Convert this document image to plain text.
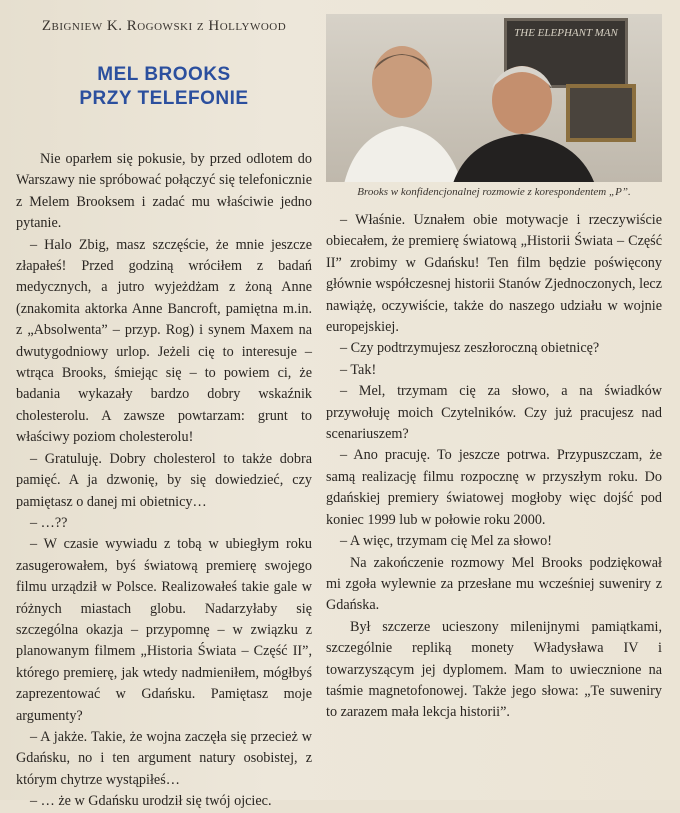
Zbigniew K. Rogowski z Hollywood
MEL BROOKS
PRZY TELEFONIE

Nie oparłem się pokusie, by przed odlotem do Warszawy nie spróbować połączyć się telefonicznie z Melem Brooksem i zadać mu właściwie jedno pytanie.

– Halo Zbig, masz szczęście, że mnie jeszcze złapałeś! Przed godziną wróciłem z badań medycznych, a jutro wyjeżdżam z żoną Anne (znakomita aktorka Anne Bancroft, pamiętna m.in. z „Absolwenta” – przyp. Rog) i synem Maxem na dwutygodniowy urlop. Jeżeli cię to interesuje – wtrąca Brooks, śmiejąc się – to powiem ci, że badania wykazały bardzo dobry wskaźnik cholesterolu. A zawsze powtarzam: grunt to właściwy poziom cholesterolu!

– Gratuluję. Dobry cholesterol to także dobra pamięć. A ja dzwonię, by się dowiedzieć, czy pamiętasz o danej mi obietnicy…

– …??

– W czasie wywiadu z tobą w ubiegłym roku zasugerowałem, byś światową premierę swojego filmu urządził w Polsce. Realizowałeś takie gale w różnych miastach globu. Nadarzyłaby się szczególna okazja – przypomnę – w związku z planowanym filmem „Historia Świata – Część II”, którego premierę, jak wtedy nadmieniłem, mógłbyś zaprezentować w Gdańsku. Pamiętasz moje argumenty?

– A jakże. Takie, że wojna zaczęła się przecież w Gdańsku, no i ten argument natury osobistej, z którym chytrze wystąpiłeś…

– … że w Gdańsku urodził się twój ojciec.

THE ELEPHANT MAN
Brooks w konfidencjonalnej rozmowie z korespondentem „P”.

– Właśnie. Uznałem obie motywacje i rzeczywiście obiecałem, że premierę światową „Historii Świata – Część II” zrobimy w Gdańsku! Ten film będzie poświęcony głównie współczesnej historii Stanów Zjednoczonych, lecz nawiążę, oczywiście, także do naszego udziału w wojnie europejskiej.

– Czy podtrzymujesz zeszłoroczną obietnicę?

– Tak!

– Mel, trzymam cię za słowo, a na świadków przywołuję moich Czytelników. Czy już pracujesz nad scenariuszem?

– Ano pracuję. To jeszcze potrwa. Przypuszczam, że samą realizację filmu rozpocznę w przyszłym roku. Do gdańskiej premiery światowej mogłoby więc dojść pod koniec 1999 lub w połowie roku 2000.

– A więc, trzymam cię Mel za słowo!

Na zakończenie rozmowy Mel Brooks podziękował mi zgoła wylewnie za przesłane mu wcześniej suweniry z Gdańska.

Był szczerze ucieszony milenijnymi pamiątkami, szczególnie repliką monety Władysława IV i towarzyszącym jej dyplomem. Mam to uwiecznione na taśmie magnetofonowej. Także jego słowa: „Te suweniry to zarazem mała lekcja historii”.
